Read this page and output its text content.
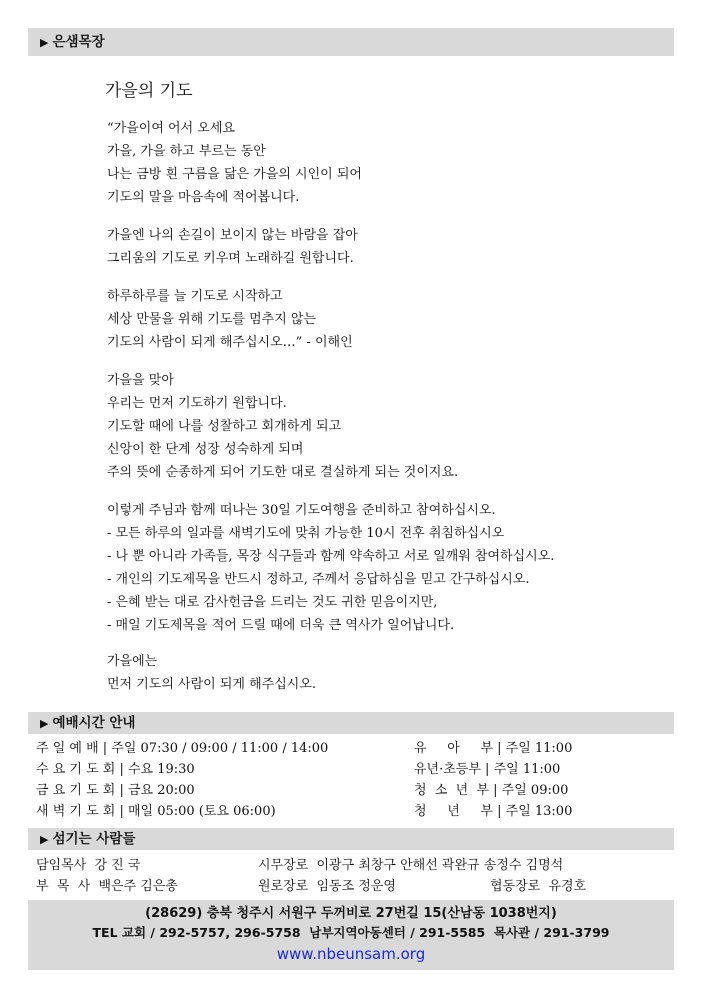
▶ 은샘목장
가을의 기도
“가을이여 어서 오세요
가을, 가을 하고 부르는 동안
나는 금방 흰 구름을 닮은 가을의 시인이 되어
기도의 말을 마음속에 적어봅니다.
가을엔 나의 손길이 보이지 않는 바람을 잡아
그리움의 기도로 키우며 노래하길 원합니다.
하루하루를 늘 기도로 시작하고
세상 만물을 위해 기도를 멈추지 않는
기도의 사람이 되게 해주십시오…” - 이해인
가을을 맞아
우리는 먼저 기도하기 원합니다.
기도할 때에 나를 성찰하고 회개하게 되고
신앙이 한 단계 성장 성숙하게 되며
주의 뜻에 순종하게 되어 기도한 대로 결실하게 되는 것이지요.
이렇게 주님과 함께 떠나는 30일 기도여행을 준비하고 참여하십시오.
- 모든 하루의 일과를 새벽기도에 맞춰 가능한 10시 전후 취침하십시오
- 나 뿐 아니라 가족들, 목장 식구들과 함께 약속하고 서로 일깨워 참여하십시오.
- 개인의 기도제목을 반드시 정하고, 주께서 응답하심을 믿고 간구하십시오.
- 은혜 받는 대로 감사헌금을 드리는 것도 귀한 믿음이지만,
- 매일 기도제목을 적어 드릴 때에 더욱 큰 역사가 일어납니다.
가을에는
먼저 기도의 사람이 되게 해주십시오.
▶ 예배시간 안내
주 일 예 배 | 주일 07:30 / 09:00 / 11:00 / 14:00
수 요 기 도 회 | 수요 19:30
금 요 기 도 회 | 금요 20:00
새 벽 기 도 회 | 매일 05:00 (토요 06:00)
유     아     부 | 주일 11:00
유년·초등부 | 주일 11:00
청  소  년  부 | 주일 09:00
청     년     부 | 주일 13:00
▶ 섬기는 사람들
담임목사  강 진 국
부  목  사  백은주 김은총
시무장로  이광구 최창구 안해선 곽완규 송정수 김명석
원로장로  임동조 정운영	협동장로  유경호
(28629) 충북 청주시 서원구 두꺼비로 27번길 15(산남동 1038번지)
TEL 교회 / 292-5757, 296-5758  남부지역아동센터 / 291-5585  목사관 / 291-3799
www.nbeunsam.org
